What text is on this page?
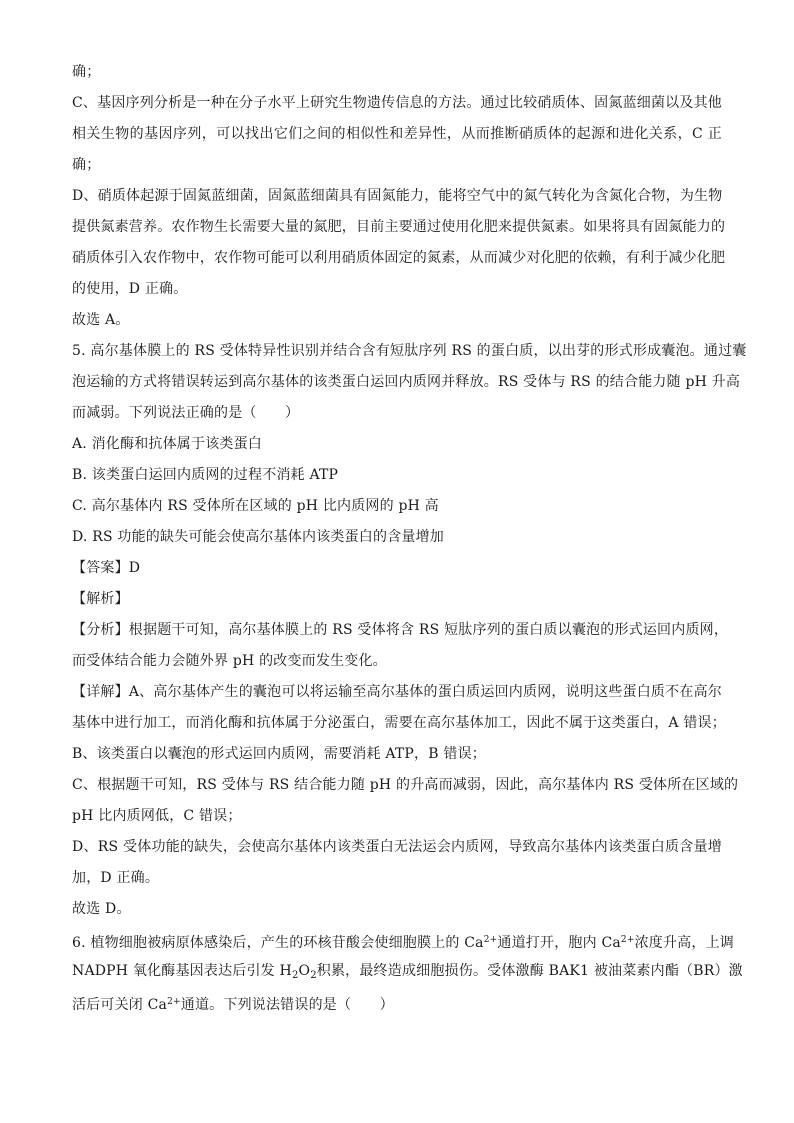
确；
C、基因序列分析是一种在分子水平上研究生物遗传信息的方法。通过比较硝质体、固氮蓝细菌以及其他
相关生物的基因序列，可以找出它们之间的相似性和差异性，从而推断硝质体的起源和进化关系，C 正
确；
D、硝质体起源于固氮蓝细菌，固氮蓝细菌具有固氮能力，能将空气中的氮气转化为含氮化合物，为生物
提供氮素营养。农作物生长需要大量的氮肥，目前主要通过使用化肥来提供氮素。如果将具有固氮能力的
硝质体引入农作物中，农作物可能可以利用硝质体固定的氮素，从而减少对化肥的依赖，有利于减少化肥
的使用，D 正确。
故选 A。
5. 高尔基体膜上的 RS 受体特异性识别并结合含有短肽序列 RS 的蛋白质，以出芽的形式形成囊泡。通过囊
泡运输的方式将错误转运到高尔基体的该类蛋白运回内质网并释放。RS 受体与 RS 的结合能力随 pH 升高
而减弱。下列说法正确的是（　　）
A. 消化酶和抗体属于该类蛋白
B. 该类蛋白运回内质网的过程不消耗 ATP
C. 高尔基体内 RS 受体所在区域的 pH 比内质网的 pH 高
D. RS 功能的缺失可能会使高尔基体内该类蛋白的含量增加
【答案】D
【解析】
【分析】根据题干可知，高尔基体膜上的 RS 受体将含 RS 短肽序列的蛋白质以囊泡的形式运回内质网，
而受体结合能力会随外界 pH 的改变而发生变化。
【详解】A、高尔基体产生的囊泡可以将运输至高尔基体的蛋白质运回内质网，说明这些蛋白质不在高尔
基体中进行加工，而消化酶和抗体属于分泌蛋白，需要在高尔基体加工，因此不属于这类蛋白，A 错误；
B、该类蛋白以囊泡的形式运回内质网，需要消耗 ATP，B 错误；
C、根据题干可知，RS 受体与 RS 结合能力随 pH 的升高而减弱，因此，高尔基体内 RS 受体所在区域的
pH 比内质网低，C 错误；
D、RS 受体功能的缺失，会使高尔基体内该类蛋白无法运会内质网，导致高尔基体内该类蛋白质含量增
加，D 正确。
故选 D。
6. 植物细胞被病原体感染后，产生的环核苷酸会使细胞膜上的 $Ca^{2+}$通道打开，胞内 $Ca^{2+}$浓度升高，上调
NADPH 氧化酶基因表达后引发 $H_2O_2$积累，最终造成细胞损伤。受体激酶 BAK1 被油菜素内酯（BR）激
活后可关闭 $Ca^{2+}$通道。下列说法错误的是（　　）
